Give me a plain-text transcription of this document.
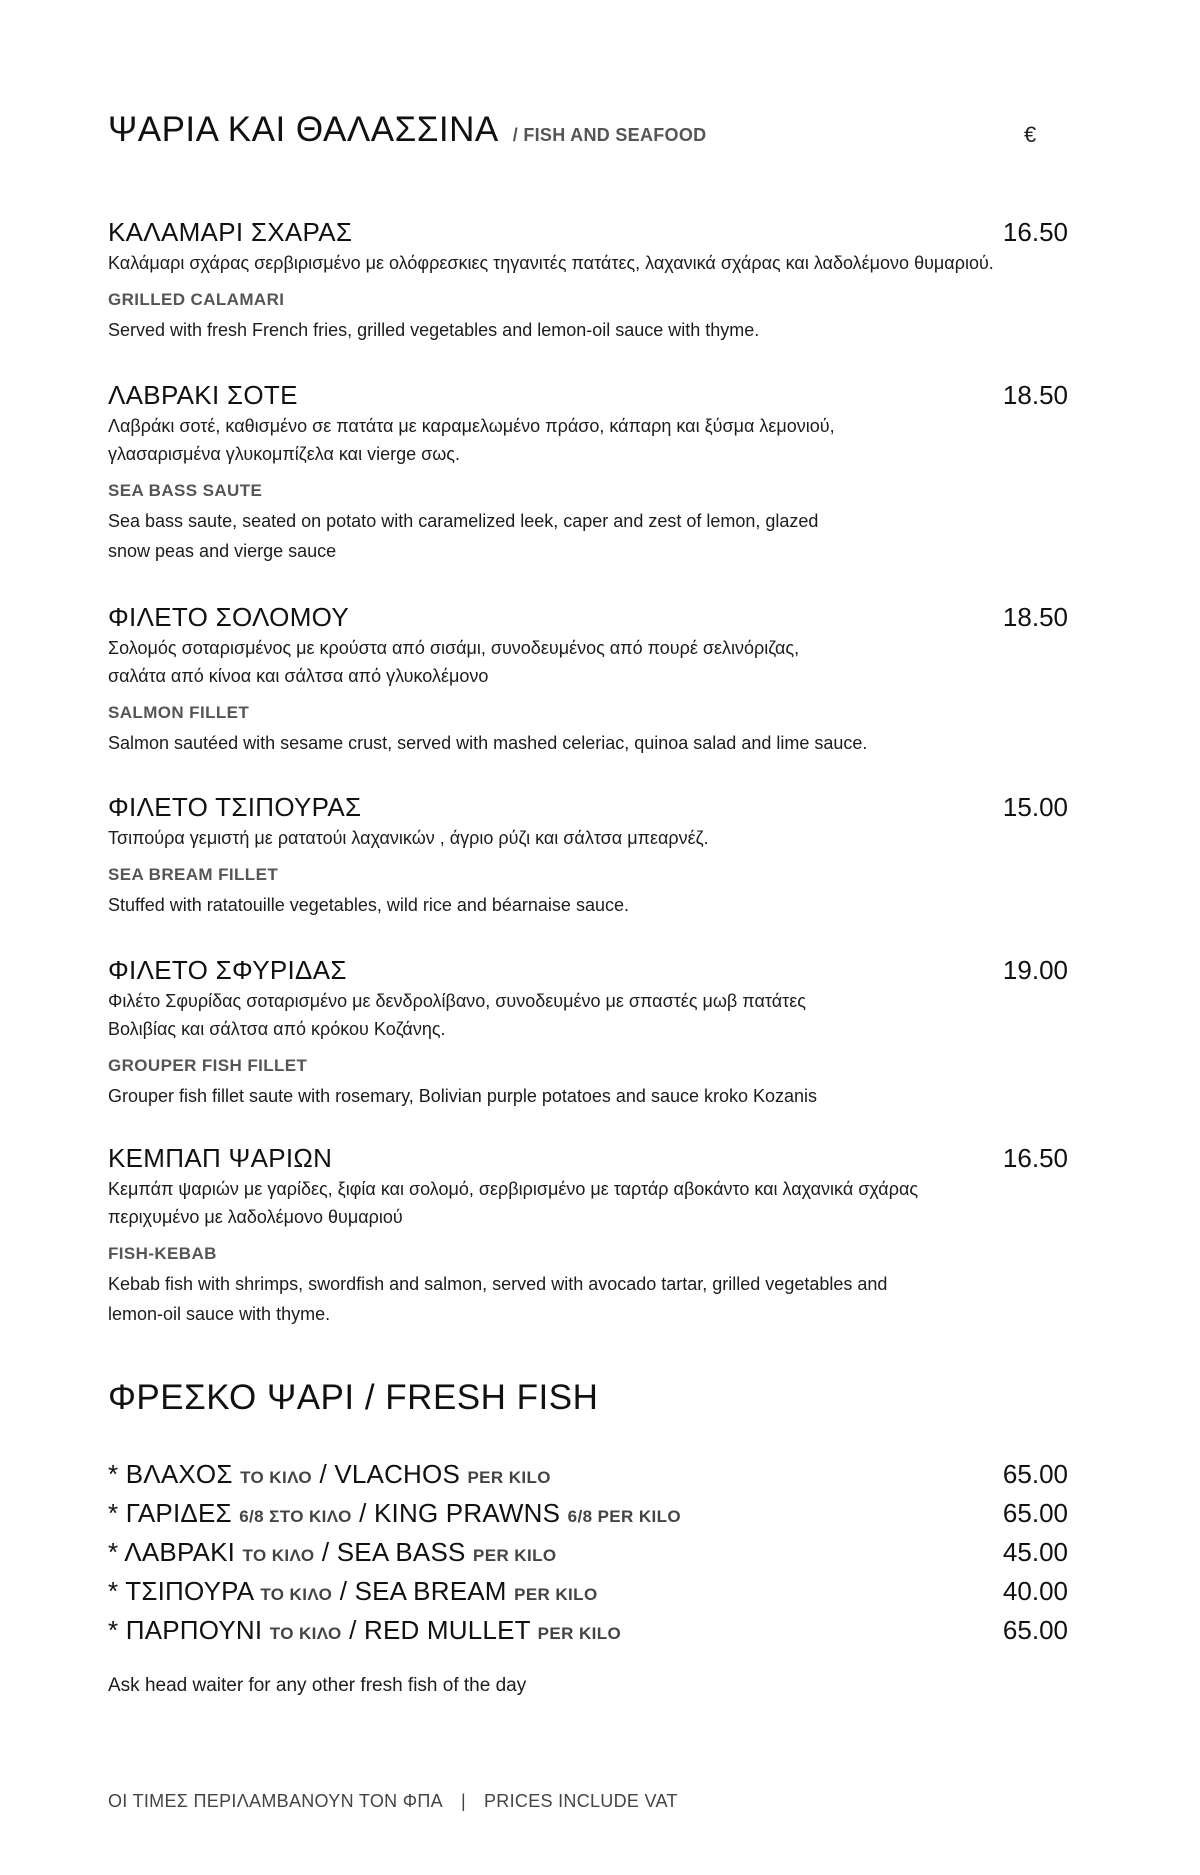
ΨΑΡΙΑ ΚΑΙ ΘΑΛΑΣΣΙΝΑ / FISH AND SEAFOOD	€
ΚΑΛΑΜΑΡΙ ΣΧΑΡΑΣ	16.50
Καλάμαρι σχάρας σερβιρισμένο με ολόφρεσκιες τηγανιτές πατάτες, λαχανικά σχάρας και λαδολέμονο θυμαριού.
GRILLED CALAMARI
Served with fresh French fries, grilled vegetables and lemon-oil sauce with thyme.
ΛΑΒΡΑΚΙ ΣΟΤΕ	18.50
Λαβράκι σοτέ, καθισμένο σε πατάτα με καραμελωμένο πράσο, κάπαρη και ξύσμα λεμονιού, γλασαρισμένα γλυκομπίζελα και vierge σως.
SEA BASS SAUTE
Sea bass saute, seated on potato with caramelized leek, caper and zest of lemon, glazed snow peas and vierge sauce
ΦΙΛΕΤΟ ΣΟΛΟΜΟΥ	18.50
Σολομός σοταρισμένος με κρούστα από σισάμι, συνοδευμένος από πουρέ σελινόριζας, σαλάτα από κίνοα και σάλτσα από γλυκολέμονο
SALMON FILLET
Salmon sautéed with sesame crust, served with mashed celeriac, quinoa salad and lime sauce.
ΦΙΛΕΤΟ ΤΣΙΠΟΥΡΑΣ	15.00
Τσιπούρα γεμιστή με ρατατούι λαχανικών , άγριο ρύζι και σάλτσα μπεαρνέζ.
SEA BREAM FILLET
Stuffed with ratatouille vegetables, wild rice and béarnaise sauce.
ΦΙΛΕΤΟ ΣΦΥΡΙΔΑΣ	19.00
Φιλέτο Σφυρίδας σοταρισμένο με δενδρολίβανο, συνοδευμένο με σπαστές μωβ πατάτες Βολιβίας και σάλτσα από κρόκου Κοζάνης.
GROUPER FISH FILLET
Grouper fish fillet saute with rosemary, Bolivian purple potatoes and sauce kroko Kozanis
ΚΕΜΠΑΠ ΨΑΡΙΩΝ	16.50
Κεμπάπ ψαριών με γαρίδες, ξιφία και σολομό, σερβιρισμένο με ταρτάρ αβοκάντο και λαχανικά σχάρας περιχυμένο με λαδολέμονο θυμαριού
FISH-KEBAB
Kebab fish with shrimps, swordfish and salmon, served with avocado tartar, grilled vegetables and lemon-oil sauce with thyme.
ΦΡΕΣΚΟ ΨΑΡΙ / FRESH FISH
* ΒΛΑΧΟΣ ΤΟ ΚΙΛΟ / VLACHOS PER KILO	65.00
* ΓΑΡΙΔΕΣ 6/8 ΣΤΟ ΚΙΛΟ / KING PRAWNS 6/8 PER KILO	65.00
* ΛΑΒΡΑΚΙ ΤΟ ΚΙΛΟ / SEA BASS PER KILO	45.00
* ΤΣΙΠΟΥΡΑ ΤΟ ΚΙΛΟ / SEA BREAM PER KILO	40.00
* ΠΑΡΠΟΥΝΙ ΤΟ ΚΙΛΟ / RED MULLET PER KILO	65.00
Ask head waiter for any other fresh fish of the day
ΟΙ ΤΙΜΕΣ ΠΕΡΙΛΑΜΒΑΝΟΥΝ ΤΟΝ ΦΠΑ | PRICES INCLUDE VAT
